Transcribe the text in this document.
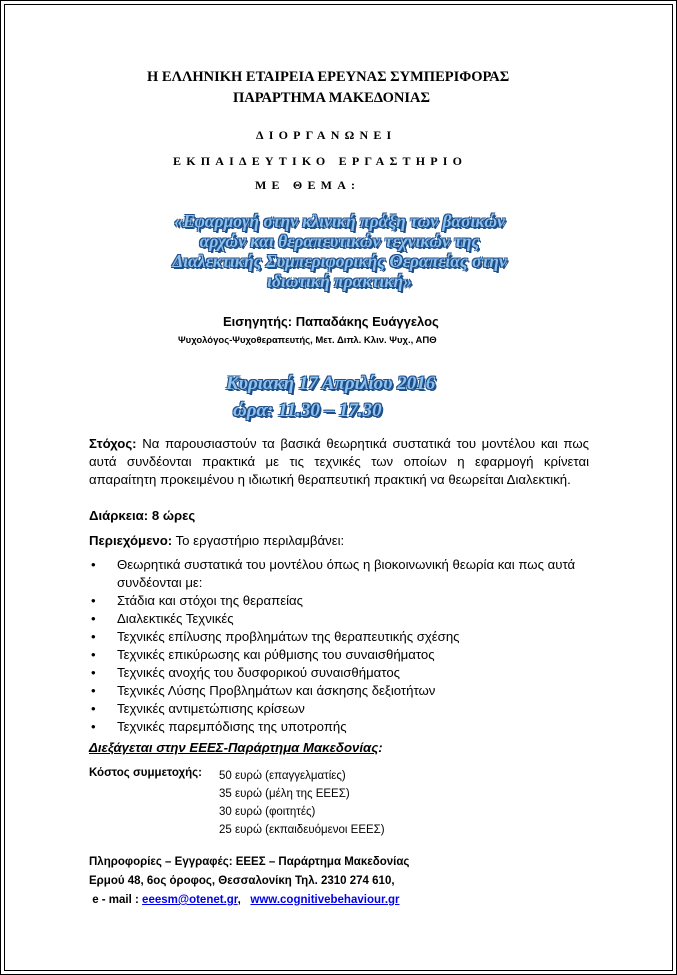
Η ΕΛΛΗΝΙΚΗ ΕΤΑΙΡΕΙΑ ΕΡΕΥΝΑΣ ΣΥΜΠΕΡΙΦΟΡΑΣ
ΠΑΡΑΡΤΗΜΑ ΜΑΚΕΔΟΝΙΑΣ
ΔΙΟΡΓΑΝΩΝΕΙ
ΕΚΠΑΙΔΕΥΤΙΚΟ ΕΡΓΑΣΤΗΡΙΟ
ΜΕ ΘΕΜΑ:
«Εφαρμογή στην κλινική πράξη των βασικών
αρχών και θεραπευτικών τεχνικών της
Διαλεκτικής Συμπεριφορικής Θεραπείας στην
ιδιωτική πρακτική»
Εισηγητής: Παπαδάκης Ευάγγελος
Ψυχολόγος-Ψυχοθεραπευτής, Μετ. Διπλ. Κλιν. Ψυχ., ΑΠΘ
Κυριακή 17 Απριλίου 2016
ώρα: 11.30 – 17.30
Στόχος: Να παρουσιαστούν τα βασικά θεωρητικά συστατικά του μοντέλου και πως αυτά συνδέονται πρακτικά με τις τεχνικές των οποίων η εφαρμογή κρίνεται απαραίτητη προκειμένου η ιδιωτική θεραπευτική πρακτική να θεωρείται Διαλεκτική.
Διάρκεια: 8 ώρες
Περιεχόμενο: Το εργαστήριο περιλαμβάνει:
• Θεωρητικά συστατικά του μοντέλου όπως η βιοκοινωνική θεωρία και πως αυτά συνδέονται με:
• Στάδια και στόχοι της θεραπείας
• Διαλεκτικές Τεχνικές
• Τεχνικές επίλυσης προβλημάτων της θεραπευτικής σχέσης
• Τεχνικές επικύρωσης και ρύθμισης του συναισθήματος
• Τεχνικές ανοχής του δυσφορικού συναισθήματος
• Τεχνικές Λύσης Προβλημάτων και άσκησης δεξιοτήτων
• Τεχνικές αντιμετώπισης κρίσεων
• Τεχνικές παρεμπόδισης της υποτροπής
Διεξάγεται στην ΕΕΕΣ-Παράρτημα Μακεδονίας:
Κόστος συμμετοχής: 50 ευρώ (επαγγελματίες)
35 ευρώ (μέλη της ΕΕΕΣ)
30 ευρώ (φοιτητές)
25 ευρώ (εκπαιδευόμενοι ΕΕΕΣ)
Πληροφορίες – Εγγραφές: ΕΕΕΣ – Παράρτημα Μακεδονίας
Ερμού 48, 6ος όροφος, Θεσσαλονίκη Τηλ. 2310 274 610,
e - mail : eeesm@otenet.gr,   www.cognitivebehaviour.gr
